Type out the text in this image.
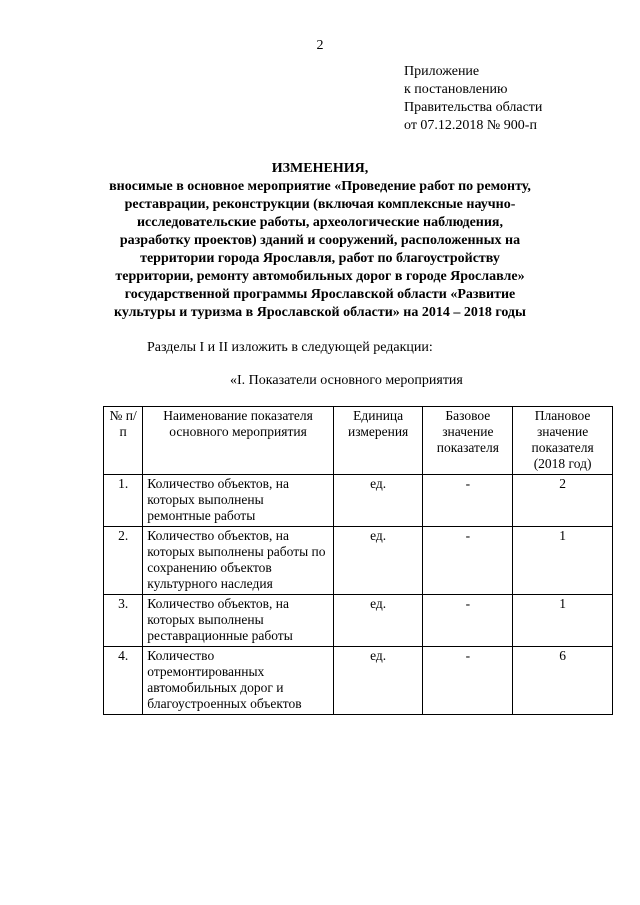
2
Приложение
к постановлению
Правительства области
от 07.12.2018 № 900-п
ИЗМЕНЕНИЯ,
вносимые в основное мероприятие «Проведение работ по ремонту, реставрации, реконструкции (включая комплексные научно-исследовательские работы, археологические наблюдения, разработку проектов) зданий и сооружений, расположенных на территории города Ярославля, работ по благоустройству территории, ремонту автомобильных дорог в городе Ярославле» государственной программы Ярославской области «Развитие культуры и туризма в Ярославской области» на 2014 – 2018 годы
Разделы I и II изложить в следующей редакции:
«I. Показатели основного мероприятия
№ п/п	Наименование показателя основного мероприятия	Единица измерения	Базовое значение показателя	Плановое значение показателя (2018 год)
1.	Количество объектов, на которых выполнены ремонтные работы	ед.	-	2
2.	Количество объектов, на которых выполнены работы по сохранению объектов культурного наследия	ед.	-	1
3.	Количество объектов, на которых выполнены реставрационные работы	ед.	-	1
4.	Количество отремонтированных автомобильных дорог и благоустроенных объектов	ед.	-	6
